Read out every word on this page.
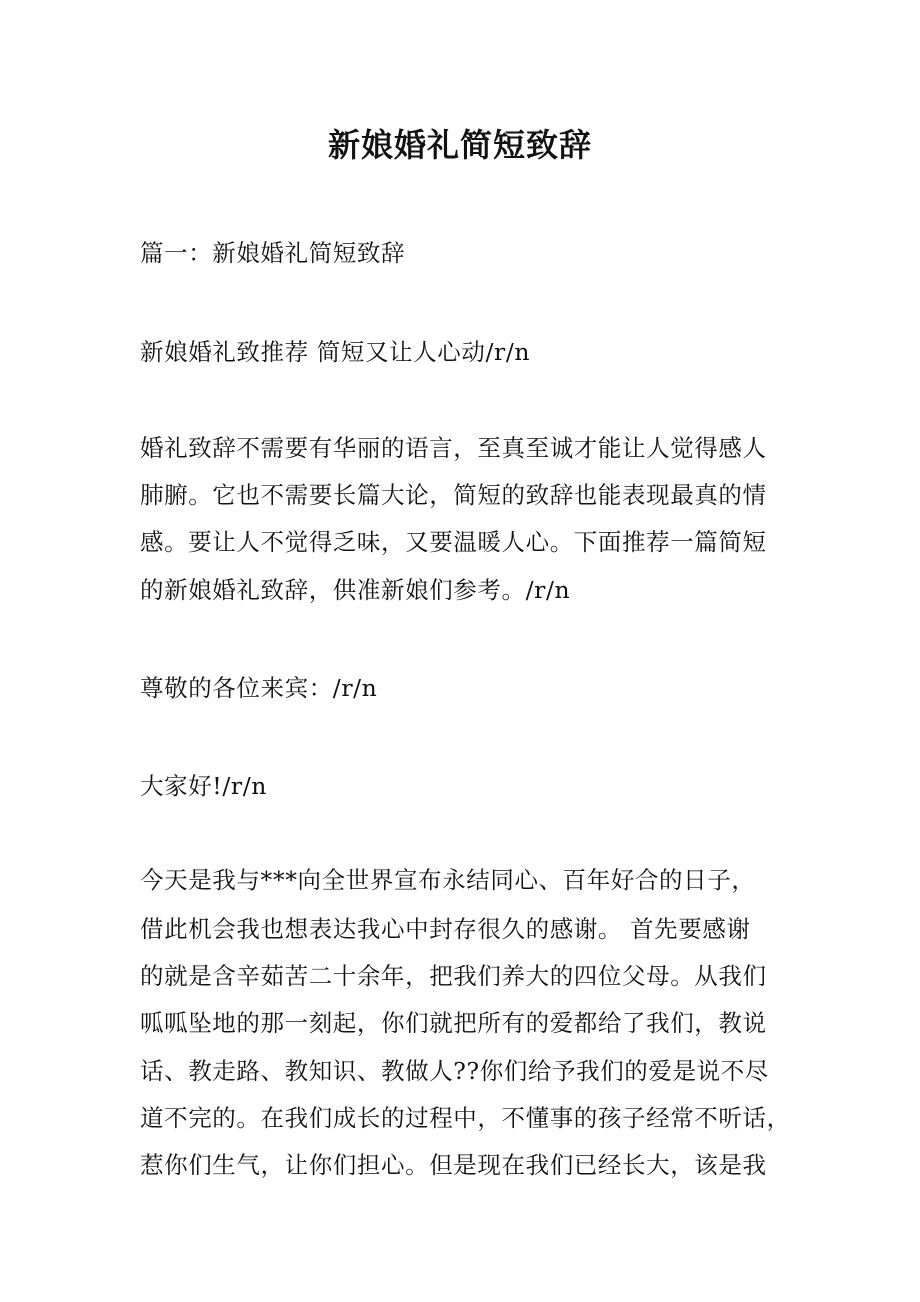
新娘婚礼简短致辞
篇一：新娘婚礼简短致辞
新娘婚礼致推荐 简短又让人心动/r/n
婚礼致辞不需要有华丽的语言，至真至诚才能让人觉得感人
肺腑。它也不需要长篇大论，简短的致辞也能表现最真的情
感。要让人不觉得乏味，又要温暖人心。下面推荐一篇简短
的新娘婚礼致辞，供准新娘们参考。/r/n
尊敬的各位来宾：/r/n
大家好!/r/n
今天是我与***向全世界宣布永结同心、百年好合的日子，
借此机会我也想表达我心中封存很久的感谢。 首先要感谢
的就是含辛茹苦二十余年，把我们养大的四位父母。从我们
呱呱坠地的那一刻起，你们就把所有的爱都给了我们，教说
话、教走路、教知识、教做人??你们给予我们的爱是说不尽
道不完的。在我们成长的过程中，不懂事的孩子经常不听话，
惹你们生气，让你们担心。但是现在我们已经长大，该是我
